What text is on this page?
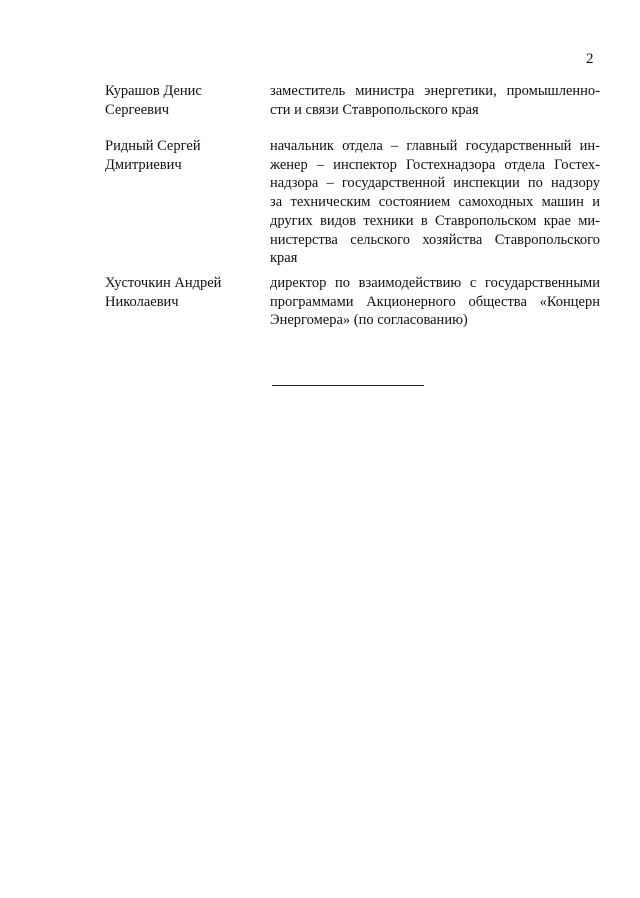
2
Курашов Денис
Сергеевич
заместитель министра энергетики, промышленно-
сти и связи Ставропольского края
Ридный Сергей
Дмитриевич
начальник отдела – главный государственный ин-
женер – инспектор Гостехнадзора отдела Гостех-
надзора – государственной инспекции по надзору
за техническим состоянием самоходных машин и
других видов техники в Ставропольском крае ми-
нистерства сельского хозяйства Ставропольского
края
Хусточкин Андрей
Николаевич
директор по взаимодействию с государственными
программами Акционерного общества «Концерн
Энергомера» (по согласованию)
